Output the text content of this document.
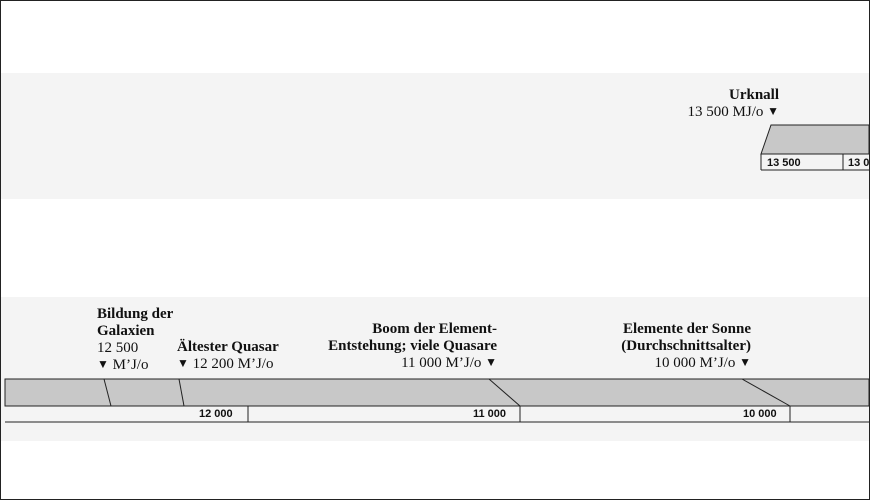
13 500	13 0
12 000	11 000	10 000
Urknall
13 500 MJ/o ▼
Bildung der
Galaxien
12 500
▼ M’J/o
Ältester Quasar
▼ 12 200 M’J/o
Boom der Element-
Entstehung; viele Quasare
11 000 M’J/o ▼
Elemente der Sonne
(Durchschnittsalter)
10 000 M’J/o ▼
